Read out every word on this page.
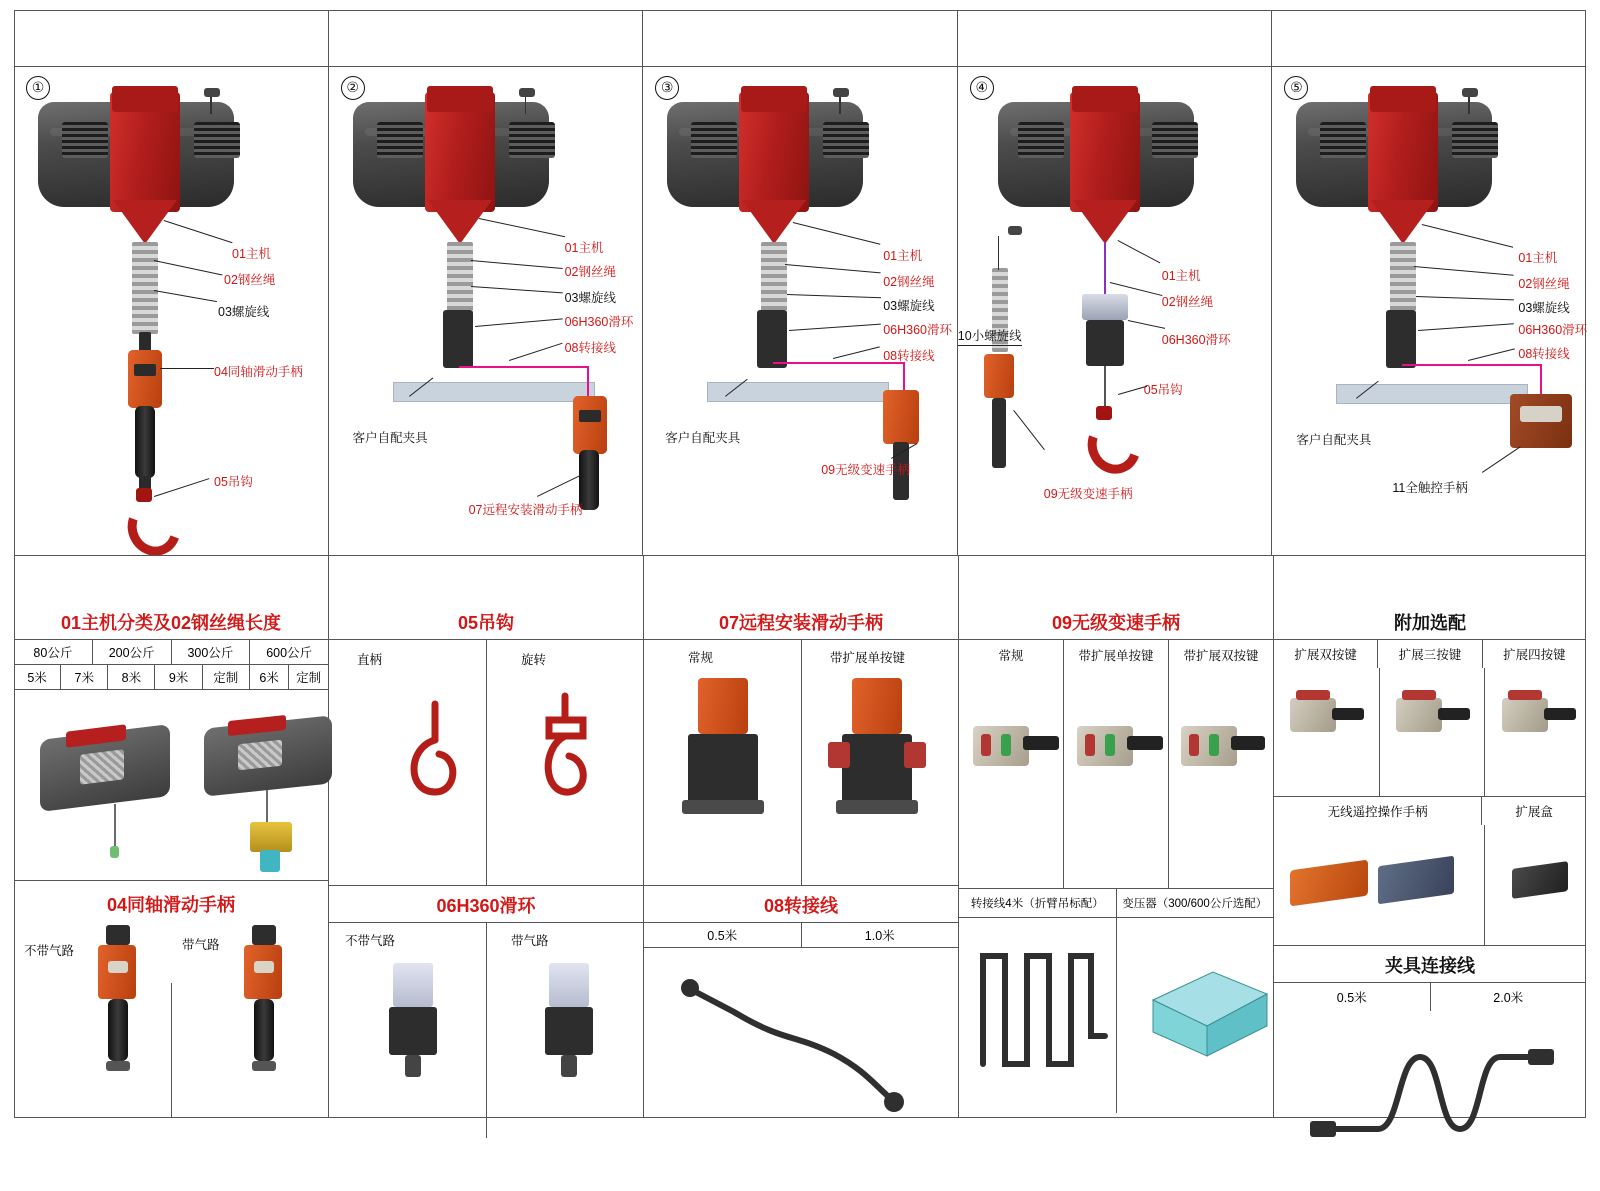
①
01主机
02钢丝绳
03螺旋线
04同轴滑动手柄
05吊钩
②
01主机
02钢丝绳
03螺旋线
06H360滑环
08转接线
客户自配夹具
07远程安装滑动手柄
③
01主机
02钢丝绳
03螺旋线
06H360滑环
08转接线
客户自配夹具
09无级变速手柄
④
01主机
02钢丝绳
06H360滑环
10小螺旋线
05吊钩
09无级变速手柄
⑤
01主机
02钢丝绳
03螺旋线
06H360滑环
08转接线
客户自配夹具
11全触控手柄
01主机分类及02钢丝绳长度
80公斤	200公斤	300公斤	600公斤
5米	7米	8米	9米	定制	6米	定制
04同轴滑动手柄
不带气路	带气路
05吊钩
直柄	旋转
06H360滑环
不带气路	带气路
07远程安装滑动手柄
常规	带扩展单按键
08转接线
0.5米	1.0米
09无级变速手柄
常规	带扩展单按键	带扩展双按键
转接线4米（折臂吊标配）	变压器（300/600公斤选配）
附加选配
扩展双按键	扩展三按键	扩展四按键
无线遥控操作手柄	扩展盒
夹具连接线
0.5米	2.0米
